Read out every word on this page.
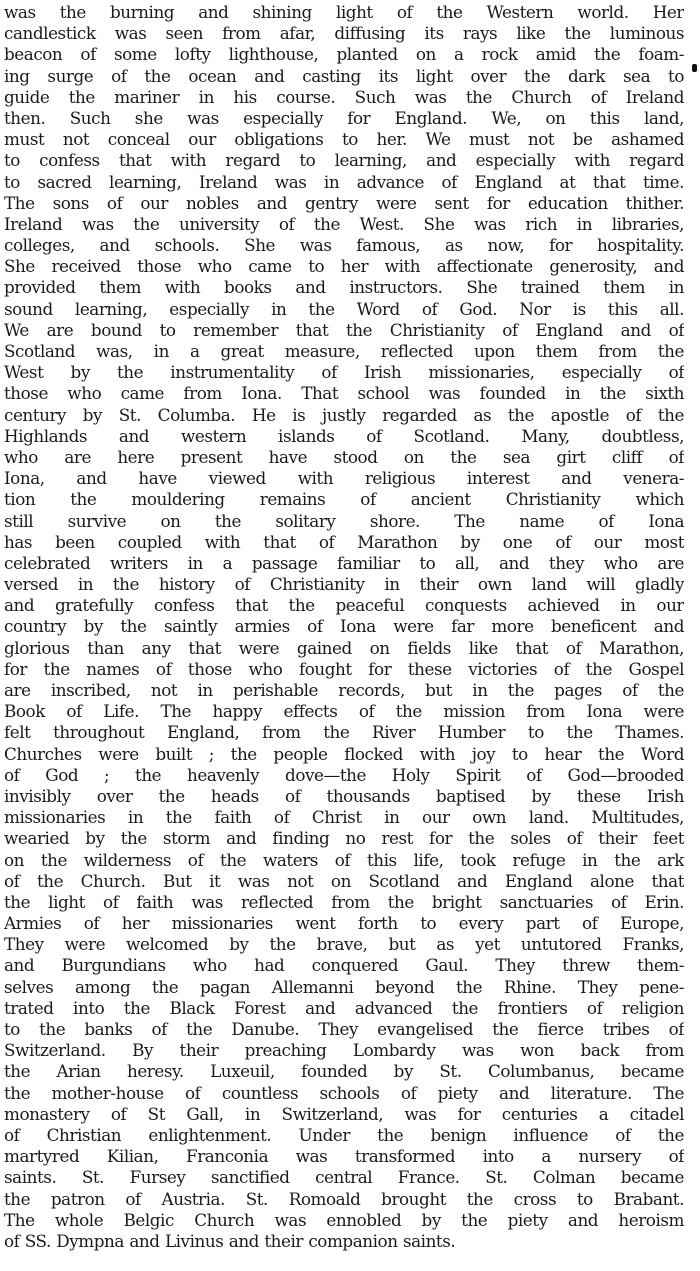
was the burning and shining light of the Western world. Her
candlestick was seen from afar, diffusing its rays like the luminous
beacon of some lofty lighthouse, planted on a rock amid the foam-
ing surge of the ocean and casting its light over the dark sea to
guide the mariner in his course. Such was the Church of Ireland
then. Such she was especially for England. We, on this land,
must not conceal our obligations to her. We must not be ashamed
to confess that with regard to learning, and especially with regard
to sacred learning, Ireland was in advance of England at that time.
The sons of our nobles and gentry were sent for education thither.
Ireland was the university of the West. She was rich in libraries,
colleges, and schools. She was famous, as now, for hospitality.
She received those who came to her with affectionate generosity, and
provided them with books and instructors. She trained them in
sound learning, especially in the Word of God. Nor is this all.
We are bound to remember that the Christianity of England and of
Scotland was, in a great measure, reflected upon them from the
West by the instrumentality of Irish missionaries, especially of
those who came from Iona. That school was founded in the sixth
century by St. Columba. He is justly regarded as the apostle of the
Highlands and western islands of Scotland. Many, doubtless,
who are here present have stood on the sea girt cliff of
Iona, and have viewed with religious interest and venera-
tion the mouldering remains of ancient Christianity which
still survive on the solitary shore. The name of Iona
has been coupled with that of Marathon by one of our most
celebrated writers in a passage familiar to all, and they who are
versed in the history of Christianity in their own land will gladly
and gratefully confess that the peaceful conquests achieved in our
country by the saintly armies of Iona were far more beneficent and
glorious than any that were gained on fields like that of Marathon,
for the names of those who fought for these victories of the Gospel
are inscribed, not in perishable records, but in the pages of the
Book of Life. The happy effects of the mission from Iona were
felt throughout England, from the River Humber to the Thames.
Churches were built ; the people flocked with joy to hear the Word
of God ; the heavenly dove—the Holy Spirit of God—brooded
invisibly over the heads of thousands baptised by these Irish
missionaries in the faith of Christ in our own land. Multitudes,
wearied by the storm and finding no rest for the soles of their feet
on the wilderness of the waters of this life, took refuge in the ark
of the Church. But it was not on Scotland and England alone that
the light of faith was reflected from the bright sanctuaries of Erin.
Armies of her missionaries went forth to every part of Europe,
They were welcomed by the brave, but as yet untutored Franks,
and Burgundians who had conquered Gaul. They threw them-
selves among the pagan Allemanni beyond the Rhine. They pene-
trated into the Black Forest and advanced the frontiers of religion
to the banks of the Danube. They evangelised the fierce tribes of
Switzerland. By their preaching Lombardy was won back from
the Arian heresy. Luxeuil, founded by St. Columbanus, became
the mother-house of countless schools of piety and literature. The
monastery of St Gall, in Switzerland, was for centuries a citadel
of Christian enlightenment. Under the benign influence of the
martyred Kilian, Franconia was transformed into a nursery of
saints. St. Fursey sanctified central France. St. Colman became
the patron of Austria. St. Romoald brought the cross to Brabant.
The whole Belgic Church was ennobled by the piety and heroism
of SS. Dympna and Livinus and their companion saints.
